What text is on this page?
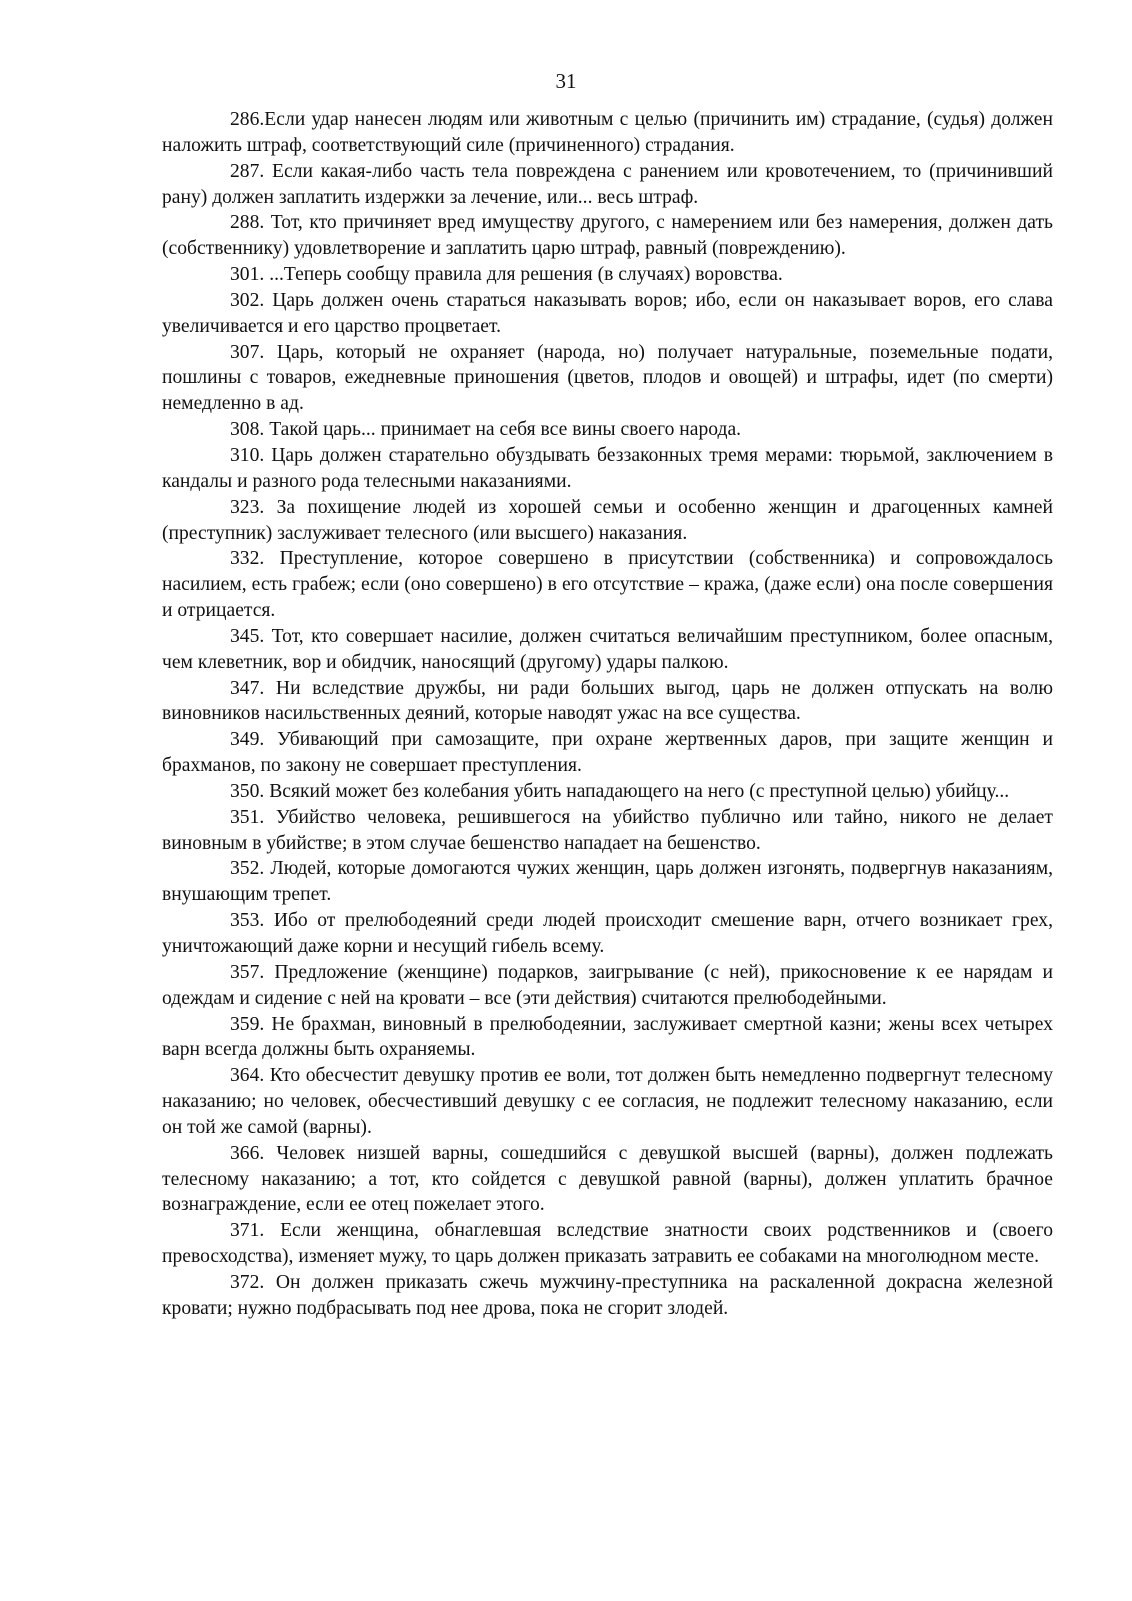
31

286.Если удар нанесен людям или животным с целью (причинить им) страдание, (судья) должен наложить штраф, соответствующий силе (причиненного) страдания.

287. Если какая-либо часть тела повреждена с ранением или кровотечением, то (причинивший рану) должен заплатить издержки за лечение, или... весь штраф.

288. Тот, кто причиняет вред имуществу другого, с намерением или без намерения, должен дать (собственнику) удовлетворение и заплатить царю штраф, равный (повреждению).

301. ...Теперь сообщу правила для решения (в случаях) воровства.

302. Царь должен очень стараться наказывать воров; ибо, если он наказывает воров, его слава увеличивается и его царство процветает.

307. Царь, который не охраняет (народа, но) получает натуральные, поземельные подати, пошлины с товаров, ежедневные приношения (цветов, плодов и овощей) и штрафы, идет (по смерти) немедленно в ад.

308. Такой царь... принимает на себя все вины своего народа.

310. Царь должен старательно обуздывать беззаконных тремя мерами: тюрьмой, заключением в кандалы и разного рода телесными наказаниями.

323. За похищение людей из хорошей семьи и особенно женщин и драгоценных камней (преступник) заслуживает телесного (или высшего) наказания.

332. Преступление, которое совершено в присутствии (собственника) и сопровождалось насилием, есть грабеж; если (оно совершено) в его отсутствие – кража, (даже если) она после совершения и отрицается.

345. Тот, кто совершает насилие, должен считаться величайшим преступником, более опасным, чем клеветник, вор и обидчик, наносящий (другому) удары палкою.

347. Ни вследствие дружбы, ни ради больших выгод, царь не должен отпускать на волю виновников насильственных деяний, которые наводят ужас на все существа.

349. Убивающий при самозащите, при охране жертвенных даров, при защите женщин и брахманов, по закону не совершает преступления.

350. Всякий может без колебания убить нападающего на него (с преступной целью) убийцу...

351. Убийство человека, решившегося на убийство публично или тайно, никого не делает виновным в убийстве; в этом случае бешенство нападает на бешенство.

352. Людей, которые домогаются чужих женщин, царь должен изгонять, подвергнув наказаниям, внушающим трепет.

353. Ибо от прелюбодеяний среди людей происходит смешение варн, отчего возникает грех, уничтожающий даже корни и несущий гибель всему.

357. Предложение (женщине) подарков, заигрывание (с ней), прикосновение к ее нарядам и одеждам и сидение с ней на кровати – все (эти действия) считаются прелюбодейными.

359. Не брахман, виновный в прелюбодеянии, заслуживает смертной казни; жены всех четырех варн всегда должны быть охраняемы.

364. Кто обесчестит девушку против ее воли, тот должен быть немедленно подвергнут телесному наказанию; но человек, обесчестивший девушку с ее согласия, не подлежит телесному наказанию, если он той же самой (варны).

366. Человек низшей варны, сошедшийся с девушкой высшей (варны), должен подлежать телесному наказанию; а тот, кто сойдется с девушкой равной (варны), должен уплатить брачное вознаграждение, если ее отец пожелает этого.

371. Если женщина, обнаглевшая вследствие знатности своих родственников и (своего превосходства), изменяет мужу, то царь должен приказать затравить ее собаками на многолюдном месте.

372. Он должен приказать сжечь мужчину-преступника на раскаленной докрасна железной кровати; нужно подбрасывать под нее дрова, пока не сгорит злодей.
